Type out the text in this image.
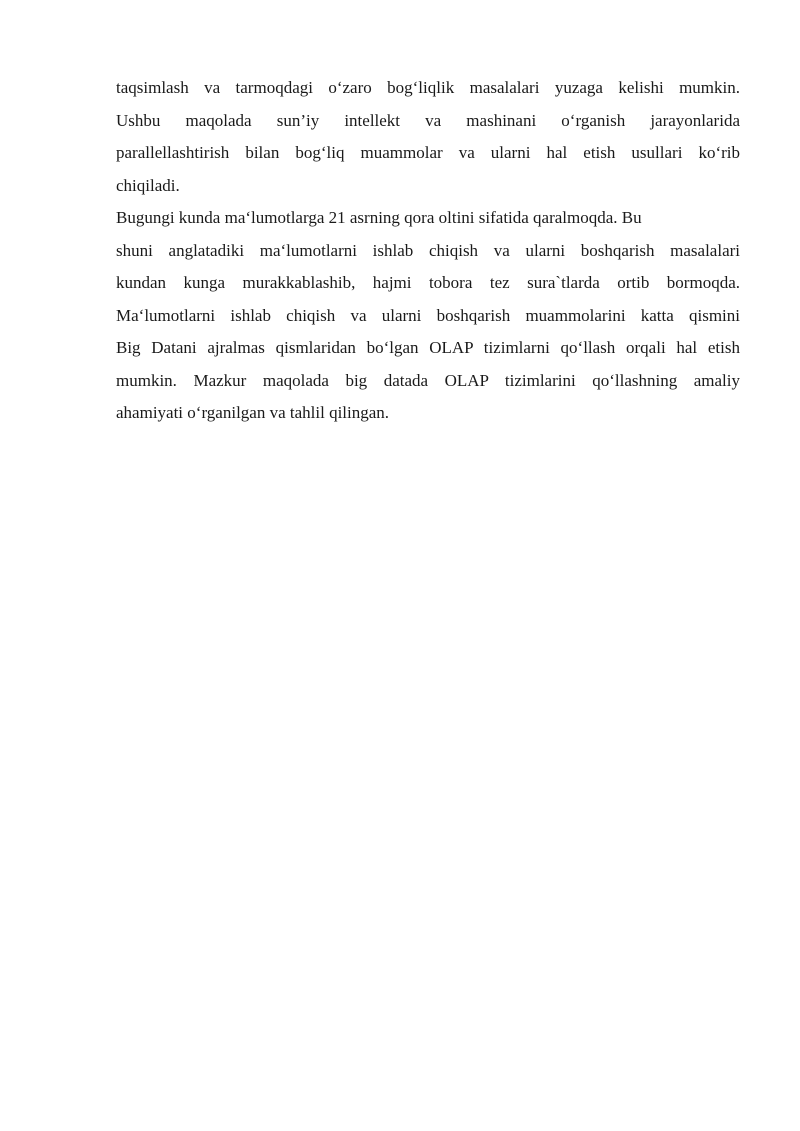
taqsimlash va tarmoqdagi o‘zaro bog‘liqlik masalalari yuzaga kelishi mumkin.
Ushbu maqolada sun’iy intellekt va mashinani o‘rganish jarayonlarida
parallellashtirish bilan bog‘liq muammolar va ularni hal etish usullari ko‘rib
chiqiladi.

Bugungi kunda ma‘lumotlarga 21 asrning qora oltini sifatida qaralmoqda. Bu

shuni anglatadiki ma‘lumotlarni ishlab chiqish va ularni boshqarish masalalari
kundan kunga murakkablashib, hajmi tobora tez sura`tlarda ortib bormoqda.
Ma‘lumotlarni ishlab chiqish va ularni boshqarish muammolarini katta qismini
Big Datani ajralmas qismlaridan bo‘lgan OLAP tizimlarni qo‘llash orqali hal etish
mumkin. Mazkur maqolada big datada OLAP tizimlarini qo‘llashning amaliy
ahamiyati o‘rganilgan va tahlil qilingan.
